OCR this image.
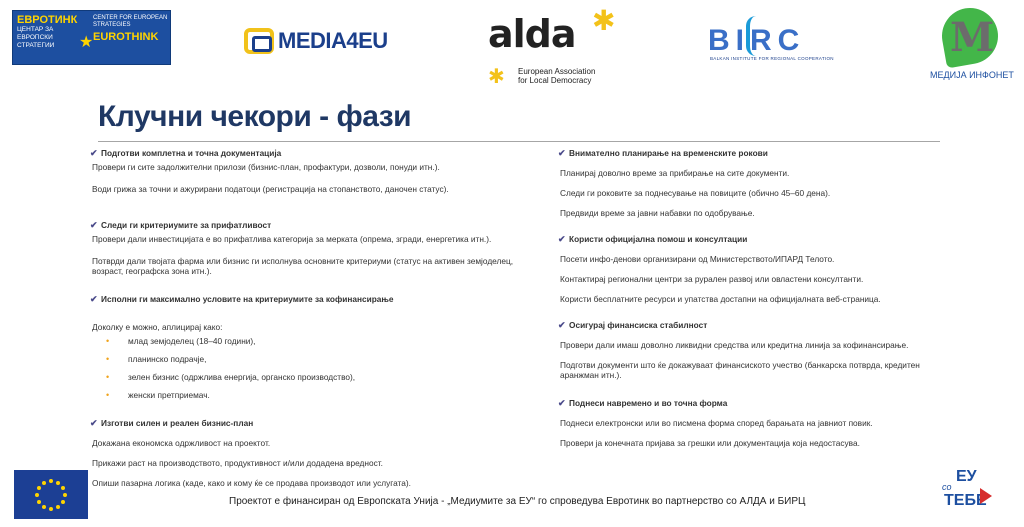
ЕВРОТИНК
ЦЕНТАР ЗА ЕВРОПСКИ СТРАТЕГИИ	★
CENTER FOR EUROPEAN STRATEGIES
EUROTHINK	MEDIA4EU	alda ✱
✱ European Association
for Local Democracy
BIRC
BALKAN INSTITUTE FOR REGIONAL COOPERATION	M
МЕДИЈА ИНФОНЕТ
Клучни чекори - фази
✔ Подготви комплетна и точна документација
Провери ги сите задолжителни прилози (бизнис-план, профактури, дозволи, понуди итн.).
Води грижа за точни и ажурирани податоци (регистрација на стопанството, даночен статус).
✔ Следи ги критериумите за прифатливост
Провери дали инвестицијата е во прифатлива категорија за мерката (опрема, згради, енергетика итн.).
Потврди дали твојата фарма или бизнис ги исполнува основните критериуми (статус на активен земјоделец, возраст, географска зона итн.).
✔ Исполни ги максимално условите на критериумите за кофинансирање
Доколку е можно, аплицирај како:
• млад земјоделец (18–40 години),
• планинско подрачје,
• зелен бизнис (одржлива енергија, органско производство),
• женски претприемач.
✔ Изготви силен и реален бизнис-план
Докажана економска одржливост на проектот.
Прикажи раст на производството, продуктивност и/или додадена вредност.
Опиши пазарна логика (каде, како и кому ќе се продава производот или услугата).
✔ Внимателно планирање на временските рокови
Планирај доволно време за прибирање на сите документи.
Следи ги роковите за поднесување на повиците (обично 45–60 дена).
Предвиди време за јавни набавки по одобрување.
✔ Користи официјална помош и консултации
Посети инфо-денови организирани од Министерството/ИПАРД Телото.
Контактирај регионални центри за рурален развој или овластени консултанти.
Користи бесплатните ресурси и упатства достапни на официјалната веб-страница.
✔ Осигурај финансиска стабилност
Провери дали имаш доволно ликвидни средства или кредитна линија за кофинансирање.
Подготви документи што ќе докажуваат финансиското учество (банкарска потврда, кредитен аранжман итн.).
✔ Поднеси навремено и во точна форма
Поднеси електронски или во писмена форма според барањата на јавниот повик.
Провери ја конечната пријава за грешки или документација која недостасува.
Проектот е финансиран од Европската Унија - „Медиумите за ЕУ“ го спроведува Евротинк во партнерство со АЛДА и БИРЦ
ЕУ
со
ТЕБЕ
